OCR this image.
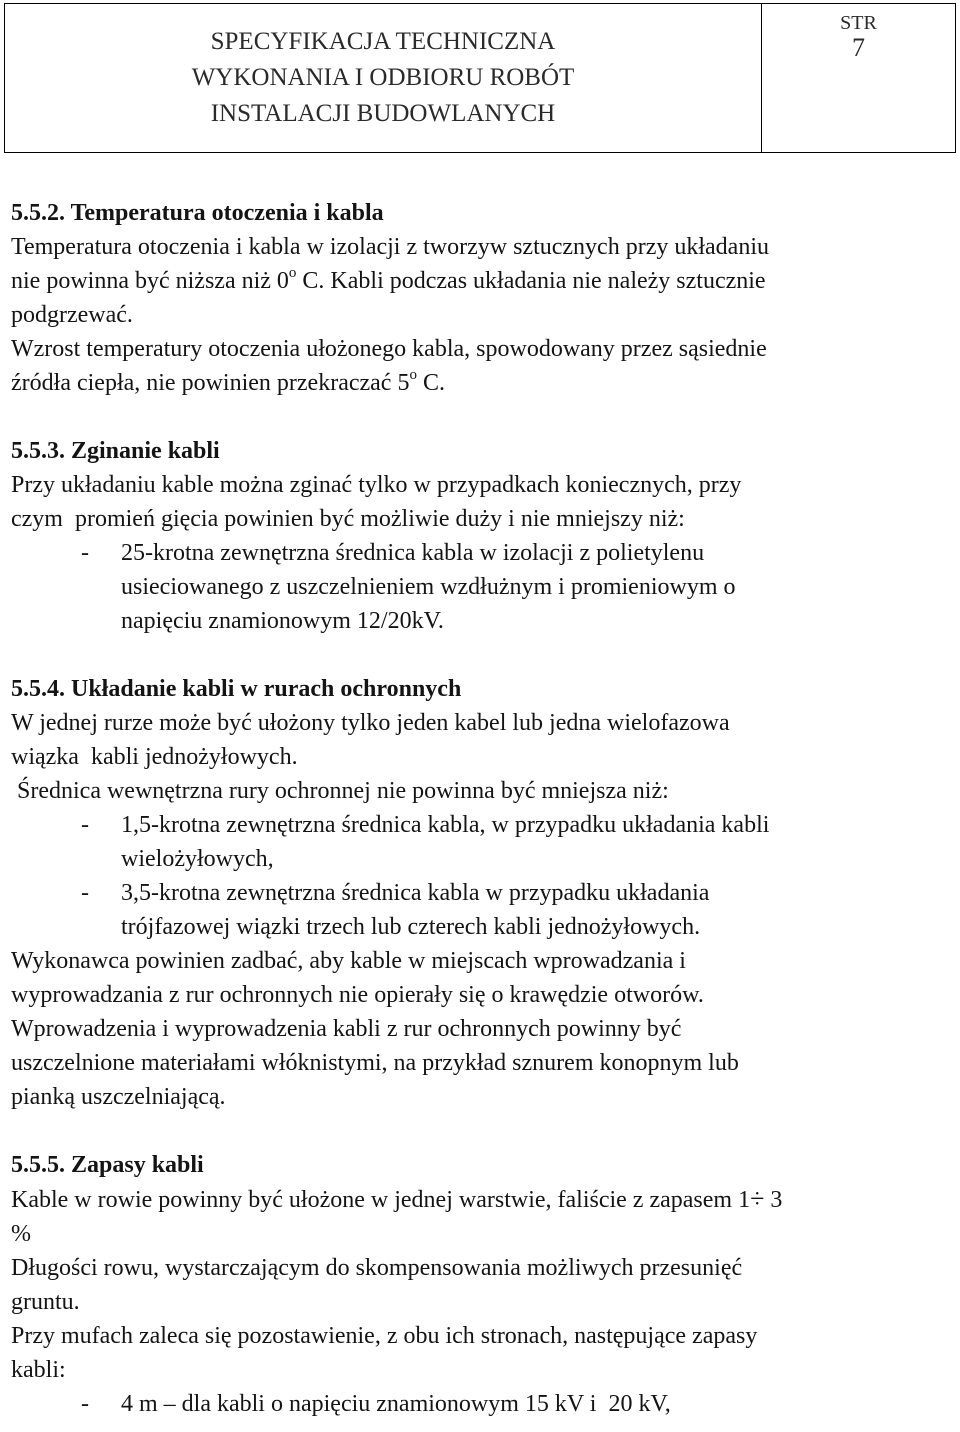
SPECYFIKACJA TECHNICZNA
WYKONANIA I ODBIORU ROBÓT
INSTALACJI BUDOWLANYCH
STR
7
5.5.2. Temperatura otoczenia i kabla

Temperatura otoczenia i kabla w izolacji z tworzyw sztucznych przy układaniu

nie powinna być niższa niż 0$^o$ C. Kabli podczas układania nie należy sztucznie

podgrzewać.

Wzrost temperatury otoczenia ułożonego kabla, spowodowany przez sąsiednie

źródła ciepła, nie powinien przekraczać 5$^o$ C.

5.5.3. Zginanie kabli

Przy układaniu kable można zginać tylko w przypadkach koniecznych, przy

czym  promień gięcia powinien być możliwie duży i nie mniejszy niż:

- 25-krotna zewnętrzna średnica kabla w izolacji z polietylenu
usieciowanego z uszczelnieniem wzdłużnym i promieniowym o
napięciu znamionowym 12/20kV.
5.5.4. Układanie kabli w rurach ochronnych

W jednej rurze może być ułożony tylko jeden kabel lub jedna wielofazowa

wiązka  kabli jednożyłowych.

Średnica wewnętrzna rury ochronnej nie powinna być mniejsza niż:

- 1,5-krotna zewnętrzna średnica kabla, w przypadku układania kabli
wielożyłowych,
- 3,5-krotna zewnętrzna średnica kabla w przypadku układania
trójfazowej wiązki trzech lub czterech kabli jednożyłowych.

Wykonawca powinien zadbać, aby kable w miejscach wprowadzania i

wyprowadzania z rur ochronnych nie opierały się o krawędzie otworów.

Wprowadzenia i wyprowadzenia kabli z rur ochronnych powinny być

uszczelnione materiałami włóknistymi, na przykład sznurem konopnym lub

pianką uszczelniającą.

5.5.5. Zapasy kabli

Kable w rowie powinny być ułożone w jednej warstwie, faliście z zapasem 1÷ 3

%

Długości rowu, wystarczającym do skompensowania możliwych przesunięć

gruntu.

Przy mufach zaleca się pozostawienie, z obu ich stronach, następujące zapasy

kabli:

- 4 m – dla kabli o napięciu znamionowym 15 kV i  20 kV,
